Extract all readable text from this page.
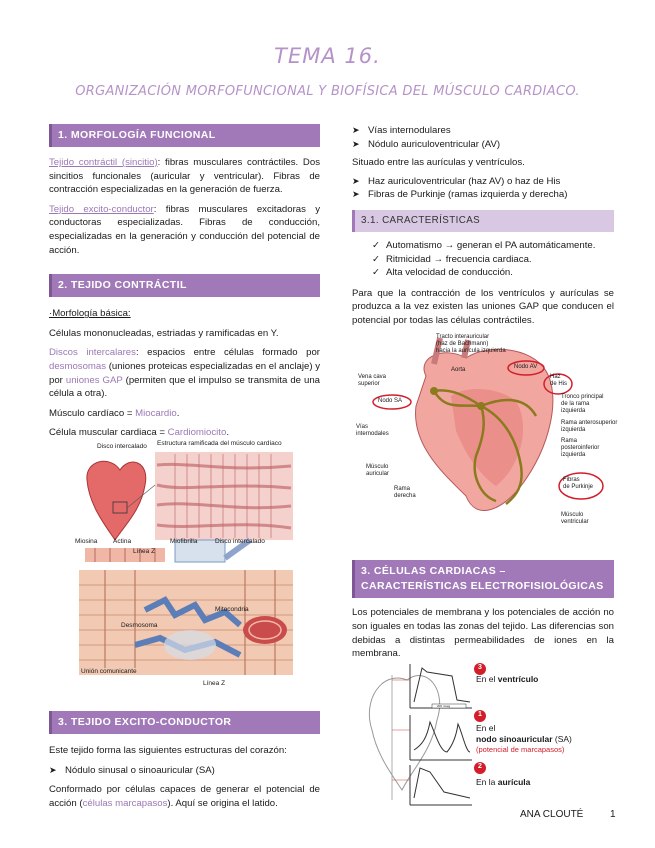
TEMA 16.
ORGANIZACIÓN MORFOFUNCIONAL Y BIOFÍSICA DEL MÚSCULO CARDIACO.
1. MORFOLOGÍA FUNCIONAL

Tejido contráctil (sincitio): fibras musculares contráctiles. Dos sincitios funcionales (auricular y ventricular). Fibras de contracción especializadas en la generación de fuerza.

Tejido excito-conductor: fibras musculares excitadoras y conductoras especializadas. Fibras de conducción, especializadas en la generación y conducción del potencial de acción.

2. TEJIDO CONTRÁCTIL

·Morfología básica:

Células mononucleadas, estriadas y ramificadas en Y.

Discos intercalares: espacios entre células formado por desmosomas (uniones proteicas especializadas en el anclaje) y por uniones GAP (permiten que el impulso se transmita de una célula a otra).

Músculo cardíaco = Miocardio.

Célula muscular cardiaca = Cardiomiocito.

Disco intercalado Estructura ramificada del músculo cardíaco
Miosina Actina
Línea Z
Miofibrilla	Disco intercalado
Desmosoma
Mitocondria
Unión comunicante
Línea Z
3. TEJIDO EXCITO-CONDUCTOR

Este tejido forma las siguientes estructuras del corazón:

➤ Nódulo sinusal o sinoauricular (SA)

Conformado por células capaces de generar el potencial de acción (células marcapasos). Aquí se origina el latido.

➤ Vías internodulares
➤ Nódulo auriculoventricular (AV)

Situado entre las aurículas y ventrículos.

➤ Haz auriculoventricular (haz AV) o haz de His
➤ Fibras de Purkinje (ramas izquierda y derecha)
3.1. CARACTERÍSTICAS
✓ Automatismo → generan el PA automáticamente.
✓ Ritmicidad → frecuencia cardiaca.
✓ Alta velocidad de conducción.

Para que la contracción de los ventrículos y aurículas se produzca a la vez existen las uniones GAP que conducen el potencial por todas las células contráctiles.

Tracto interauricular
(haz de Bachmann)
hacia la aurícula izquierda
Aorta	Nodo AV
Vena cava
superior
Haz
de His
Nodo SA
Tronco principal
de la rama
izquierda
Rama anterosuperior
izquierda
Vías
internodales
Rama
posteroinferior
izquierda
Músculo
auricular
Rama
derecha
Fibras
de Purkinje
Músculo
ventricular
3. CÉLULAS CARDIACAS – CARACTERÍSTICAS ELECTROFISIOLÓGICAS

Los potenciales de membrana y los potenciales de acción no son iguales en todas las zonas del tejido. Las diferencias son debidas a distintas permeabilidades de iones en la membrana.

200 mseg
3
1
2
En el ventrículo
En el
nodo sinoauricular (SA)
(potencial de marcapasos)
En la aurícula
ANA CLOUTÉ	1
